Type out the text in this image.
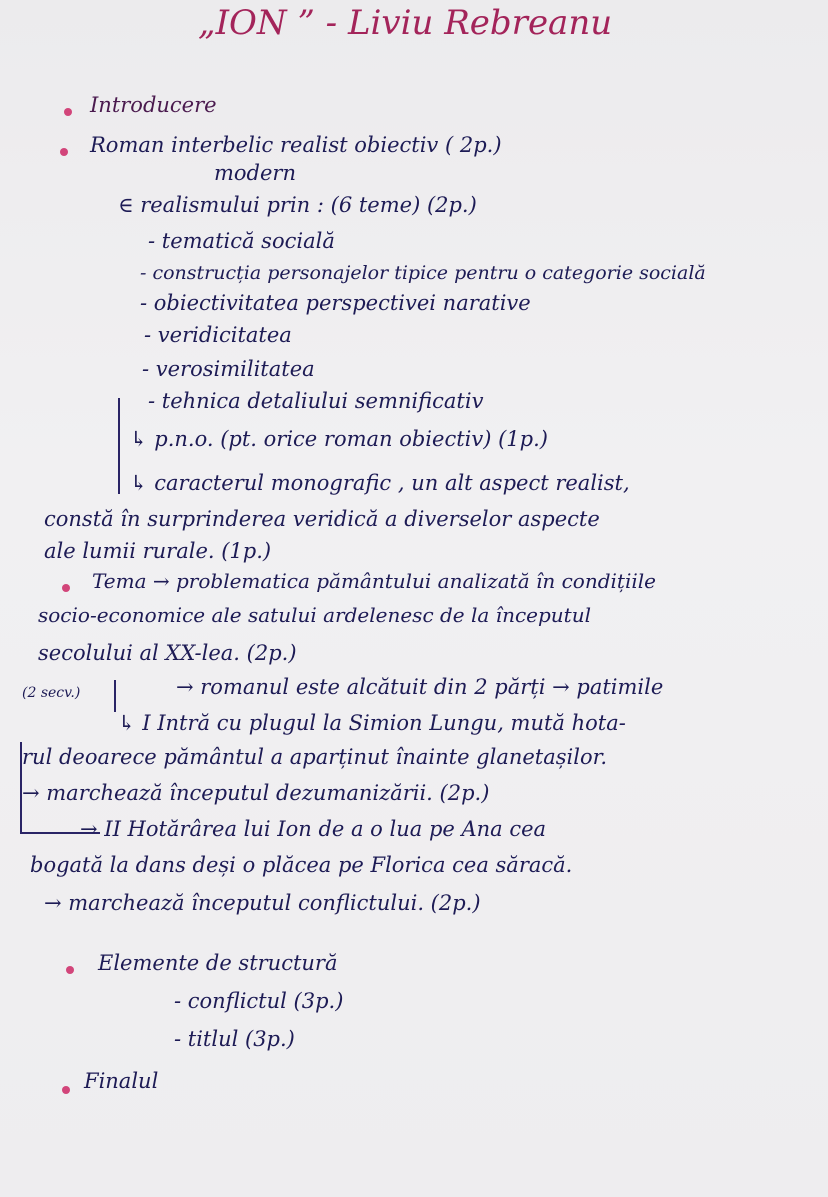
„ION ” - Liviu Rebreanu
Introducere
Roman interbelic realist obiectiv ( 2p.)
modern
∈ realismului prin : (6 teme) (2p.)
- tematică socială
- construcția personajelor tipice pentru o categorie socială
- obiectivitatea perspectivei narative
- veridicitatea
- verosimilitatea
- tehnica detaliului semnificativ
↳ p.n.o. (pt. orice roman obiectiv) (1p.)
↳ caracterul monografic , un alt aspect realist,
constă în surprinderea veridică a diverselor aspecte
ale lumii rurale. (1p.)
Tema → problematica pământului analizată în condițiile
socio-economice ale satului ardelenesc de la începutul
secolului al XX-lea. (2p.)
(2 secv.)	→ romanul este alcătuit din 2 părți → patimile
↳ I Intră cu plugul la Simion Lungu, mută hota-
rul deoarece pământul a aparținut înainte glanetașilor.
→ marchează începutul dezumanizării. (2p.)
→ II Hotărârea lui Ion de a o lua pe Ana cea
bogată la dans deși o plăcea pe Florica cea săracă.
→ marchează începutul conflictului. (2p.)
Elemente de structură
- conflictul (3p.)
- titlul (3p.)
Finalul
